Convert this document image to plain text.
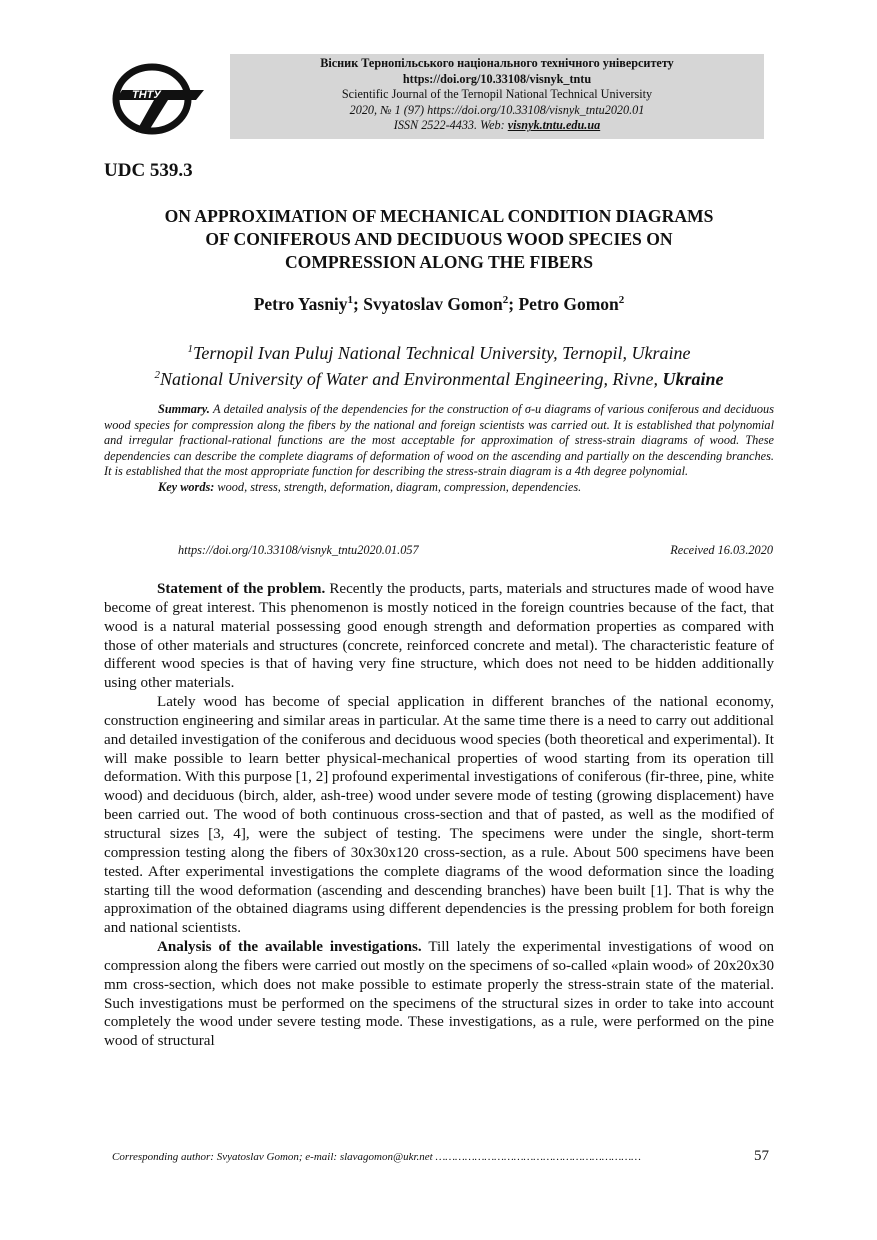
ТНТУ
Вісник Тернопільського національного технічного університету
https://doi.org/10.33108/visnyk_tntu
Scientific Journal of the Ternopil National Technical University
2020, № 1 (97) https://doi.org/10.33108/visnyk_tntu2020.01
ISSN 2522-4433. Web: visnyk.tntu.edu.ua
UDC 539.3
ON APPROXIMATION OF MECHANICAL CONDITION DIAGRAMS
OF CONIFEROUS AND DECIDUOUS WOOD SPECIES ON
COMPRESSION ALONG THE FIBERS
Petro Yasniy$^1$; Svyatoslav Gomon$^2$; Petro Gomon$^2$
$^1$Ternopil Ivan Puluj National Technical University, Ternopil, Ukraine
$^2$National University of Water and Environmental Engineering, Rivne, Ukraine
Summary. A detailed analysis of the dependencies for the construction of σ-u diagrams of various coniferous and deciduous wood species for compression along the fibers by the national and foreign scientists was carried out. It is established that polynomial and irregular fractional-rational functions are the most acceptable for approximation of stress-strain diagrams of wood. These dependencies can describe the complete diagrams of deformation of wood on the ascending and partially on the descending branches. It is established that the most appropriate function for describing the stress-strain diagram is a 4th degree polynomial.
Key words: wood, stress, strength, deformation, diagram, compression, dependencies.
https://doi.org/10.33108/visnyk_tntu2020.01.057	Received 16.03.2020

Statement of the problem. Recently the products, parts, materials and structures made of wood have become of great interest. This phenomenon is mostly noticed in the foreign countries because of the fact, that wood is a natural material possessing good enough strength and deformation properties as compared with those of other materials and structures (concrete, reinforced concrete and metal). The characteristic feature of different wood species is that of having very fine structure, which does not need to be hidden additionally using other materials.

Lately wood has become of special application in different branches of the national economy, construction engineering and similar areas in particular. At the same time there is a need to carry out additional and detailed investigation of the coniferous and deciduous wood species (both theoretical and experimental). It will make possible to learn better physical-mechanical properties of wood starting from its operation till deformation. With this purpose [1, 2] profound experimental investigations of coniferous (fir-three, pine, white wood) and deciduous (birch, alder, ash-tree) wood under severe mode of testing (growing displacement) have been carried out. The wood of both continuous cross-section and that of pasted, as well as the modified of structural sizes [3, 4], were the subject of testing. The specimens were under the single, short-term compression testing along the fibers of 30x30x120 cross-section, as a rule. About 500 specimens have been tested. After experimental investigations the complete diagrams of the wood deformation since the loading starting till the wood deformation (ascending and descending branches) have been built [1]. That is why the approximation of the obtained diagrams using different dependencies is the pressing problem for both foreign and national scientists.

Analysis of the available investigations. Till lately the experimental investigations of wood on compression along the fibers were carried out mostly on the specimens of so-called «plain wood» of 20x20x30 mm cross-section, which does not make possible to estimate properly the stress-strain state of the material. Such investigations must be performed on the specimens of the structural sizes in order to take into account completely the wood under severe testing mode. These investigations, as a rule, were performed on the pine wood of structural

Corresponding author: Svyatoslav Gomon; e-mail: slavagomon@ukr.net ………………………………………………………	57
